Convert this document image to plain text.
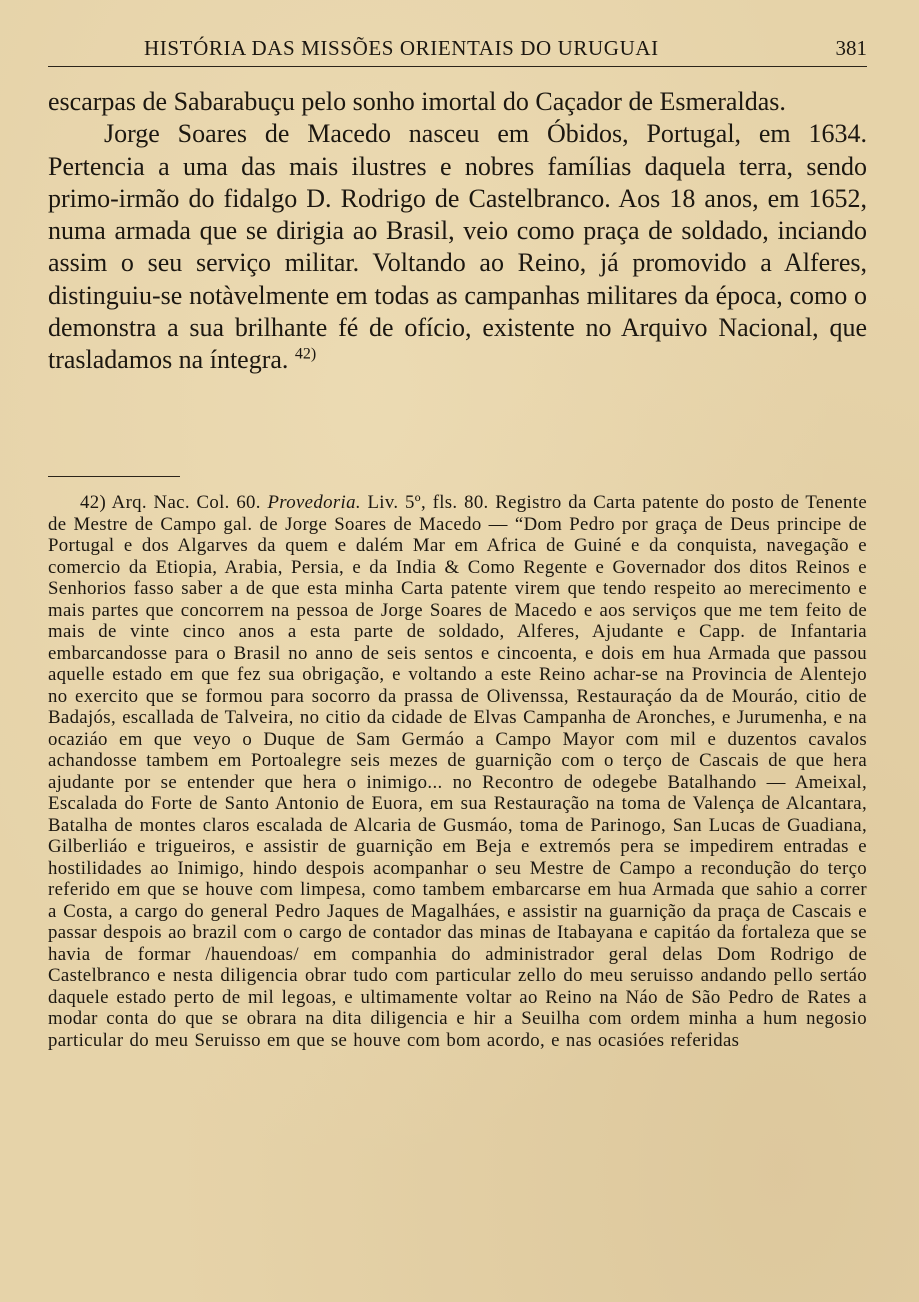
HISTÓRIA DAS MISSÕES ORIENTAIS DO URUGUAI	381

escarpas de Sabarabuçu pelo sonho imortal do Caçador de Esmeraldas.

Jorge Soares de Macedo nasceu em Óbidos, Portugal, em 1634. Pertencia a uma das mais ilustres e nobres famílias daquela terra, sendo primo-irmão do fidalgo D. Rodrigo de Castelbranco. Aos 18 anos, em 1652, numa armada que se dirigia ao Brasil, veio como praça de soldado, inciando assim o seu serviço militar. Voltando ao Reino, já promovido a Alferes, distinguiu-se notàvelmente em todas as campanhas militares da época, como o demonstra a sua brilhante fé de ofício, existente no Arquivo Nacional, que trasladamos na íntegra. $^{42)}$

42) Arq. Nac. Col. 60. Provedoria. Liv. 5º, fls. 80. Registro da Carta patente do posto de Tenente de Mestre de Campo gal. de Jorge Soares de Macedo — “Dom Pedro por graça de Deus principe de Portugal e dos Algarves da quem e dalém Mar em Africa de Guiné e da conquista, navegação e comercio da Etiopia, Arabia, Persia, e da India & Como Regente e Governador dos ditos Reinos e Senhorios fasso saber a de que esta minha Carta patente virem que tendo respeito ao merecimento e mais partes que concorrem na pessoa de Jorge Soares de Macedo e aos serviços que me tem feito de mais de vinte cinco anos a esta parte de soldado, Alferes, Ajudante e Capp. de Infantaria embarcandosse para o Brasil no anno de seis sentos e cincoenta, e dois em hua Armada que passou aquelle estado em que fez sua obrigação, e voltando a este Reino achar-se na Provincia de Alentejo no exercito que se formou para socorro da prassa de Olivenssa, Restauraçáo da de Mouráo, citio de Badajós, escallada de Talveira, no citio da cidade de Elvas Campanha de Aronches, e Jurumenha, e na ocaziáo em que veyo o Duque de Sam Germáo a Campo Mayor com mil e duzentos cavalos achandosse tambem em Portoalegre seis mezes de guarnição com o terço de Cascais de que hera ajudante por se entender que hera o inimigo... no Recontro de odegebe Batalhando — Ameixal, Escalada do Forte de Santo Antonio de Euora, em sua Restauração na toma de Valença de Alcantara, Batalha de montes claros escalada de Alcaria de Gusmáo, toma de Parinogo, San Lucas de Guadiana, Gilberliáo e trigueiros, e assistir de guarnição em Beja e extremós pera se impedirem entradas e hostilidades ao Inimigo, hindo despois acompanhar o seu Mestre de Campo a recondução do terço referido em que se houve com limpesa, como tambem embarcarse em hua Armada que sahio a correr a Costa, a cargo do general Pedro Jaques de Magalháes, e assistir na guarnição da praça de Cascais e passar despois ao brazil com o cargo de contador das minas de Itabayana e capitáo da fortaleza que se havia de formar /hauendoas/ em companhia do administrador geral delas Dom Rodrigo de Castelbranco e nesta diligencia obrar tudo com particular zello do meu seruisso andando pello sertáo daquele estado perto de mil legoas, e ultimamente voltar ao Reino na Náo de São Pedro de Rates a modar conta do que se obrara na dita diligencia e hir a Seuilha com ordem minha a hum negosio particular do meu Seruisso em que se houve com bom acordo, e nas ocasióes referidas
